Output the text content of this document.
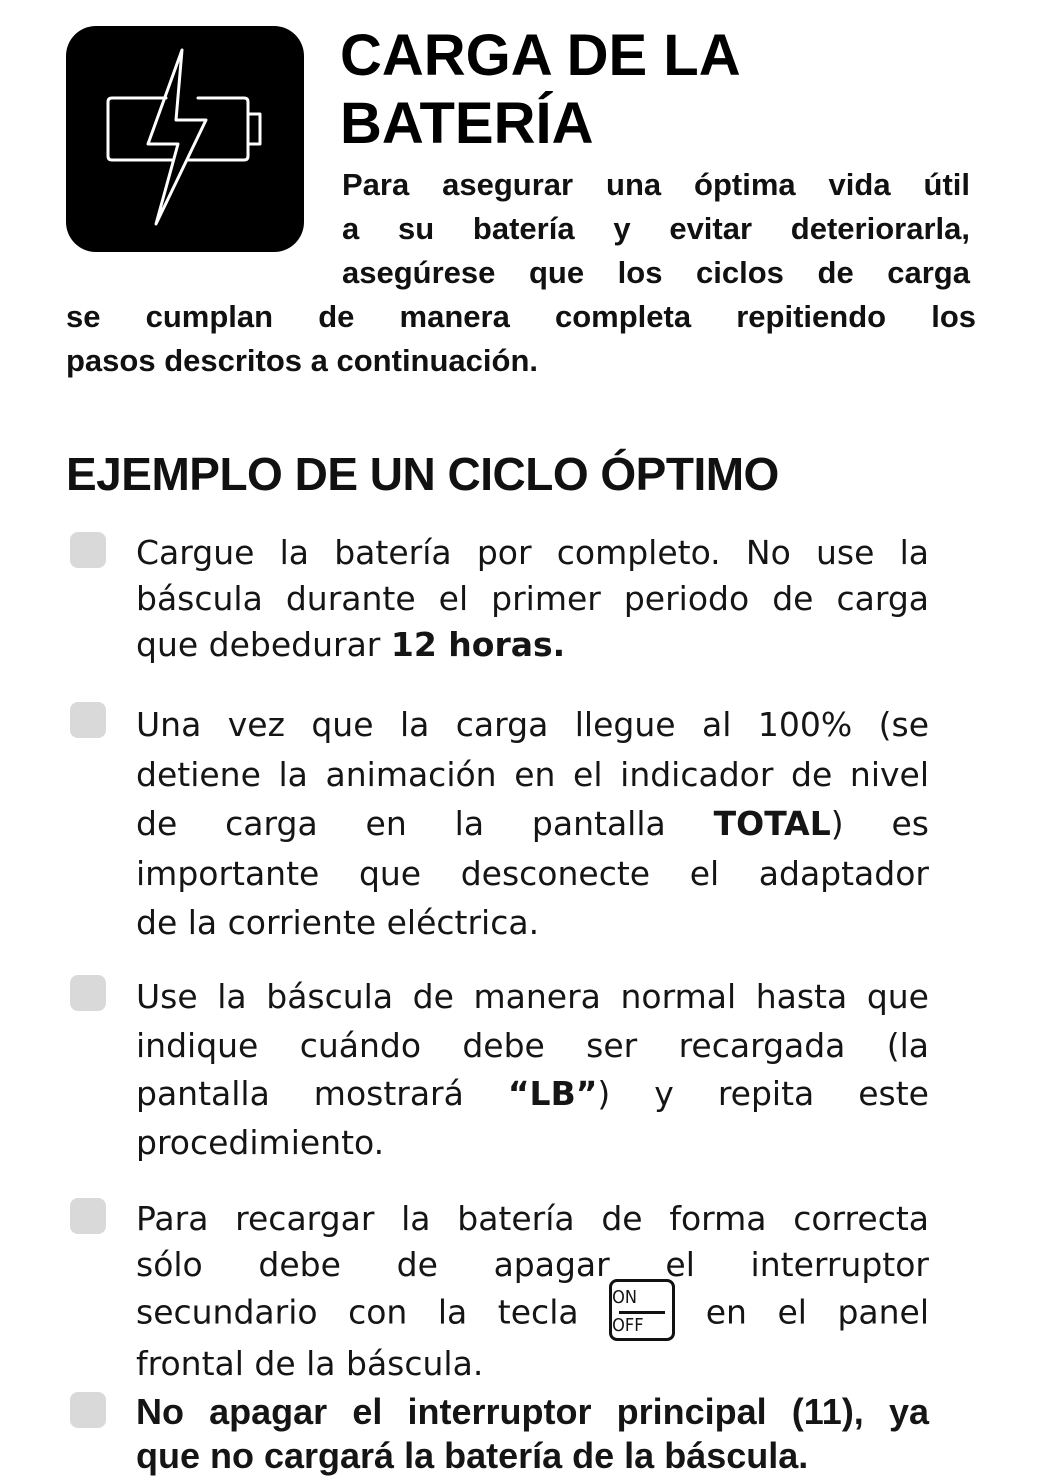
CARGA DE LA
BATERÍA

Para asegurar una óptima vida útil
a su batería y evitar deteriorarla,
asegúrese que los ciclos de carga
se cumplan de manera completa repitiendo los
pasos descritos a continuación.

EJEMPLO DE UN CICLO ÓPTIMO

Cargue la batería por completo. No use la
báscula durante el primer periodo de carga
que debedurar 12 horas.

Una vez que la carga llegue al 100% (se
detiene la animación en el indicador de nivel
de carga en la pantalla TOTAL) es
importante que desconecte el adaptador
de la corriente eléctrica.

Use la báscula de manera normal hasta que
indique cuándo debe ser recargada (la
pantalla mostrará “LB”) y repita este
procedimiento.

Para recargar la batería de forma correcta
sólo debe de apagar el interruptor
secundario con la tecla ON
OFF	en el panel
frontal de la báscula.

No apagar el interruptor principal (11), ya
que no cargará la batería de la báscula.
